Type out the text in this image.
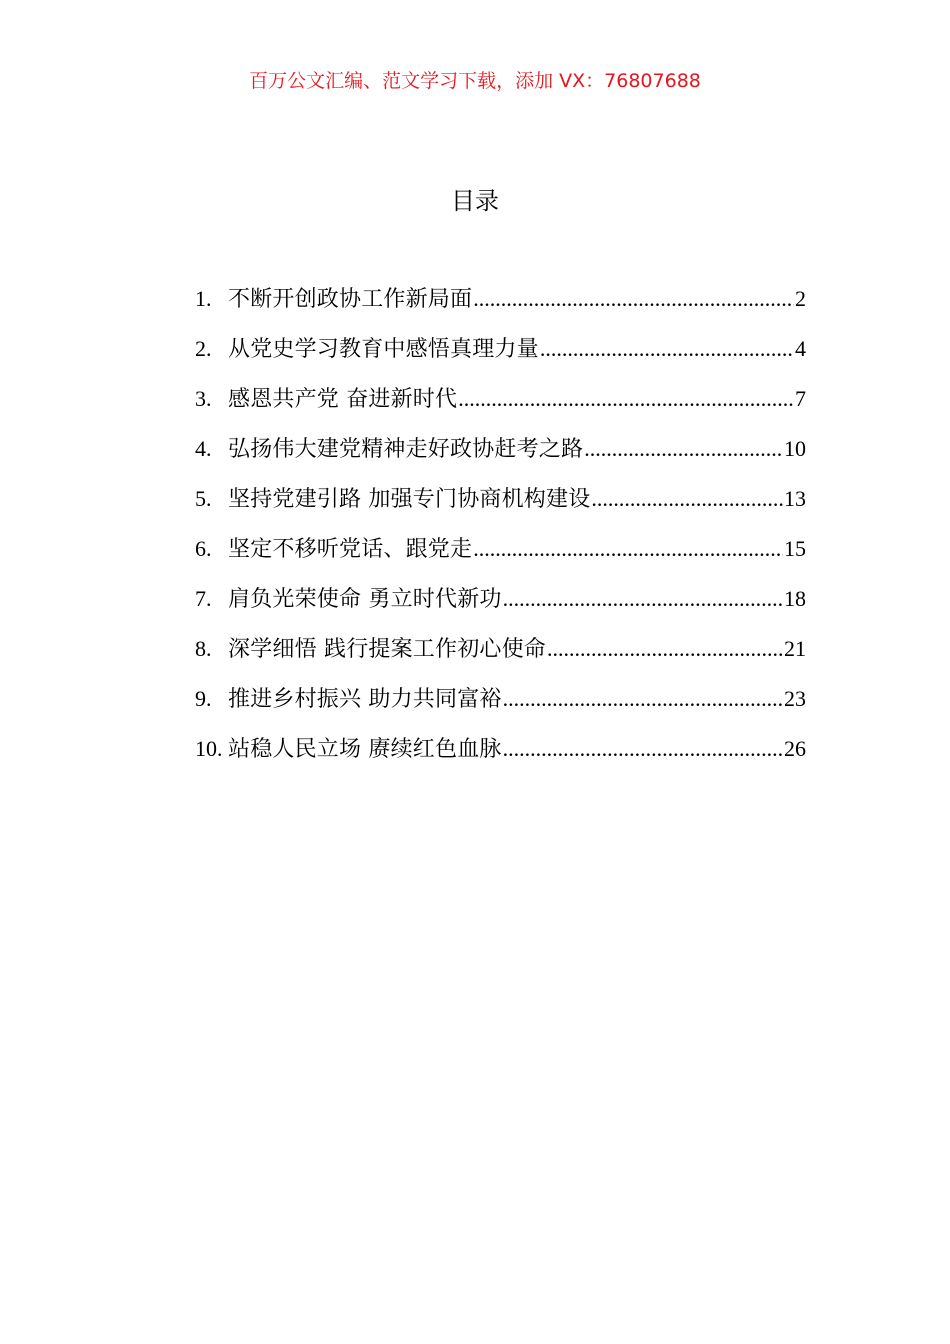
百万公文汇编、范文学习下载，添加 VX：76807688
目录
1. 不断开创政协工作新局面 .....	2
2. 从党史学习教育中感悟真理力量 .....	4
3. 感恩共产党 奋进新时代 .....	7
4. 弘扬伟大建党精神走好政协赶考之路 .....	10
5. 坚持党建引路 加强专门协商机构建设 .....	13
6. 坚定不移听党话、跟党走 .....	15
7. 肩负光荣使命 勇立时代新功 .....	18
8. 深学细悟 践行提案工作初心使命 .....	21
9. 推进乡村振兴 助力共同富裕 .....	23
10. 站稳人民立场 赓续红色血脉 .....	26
